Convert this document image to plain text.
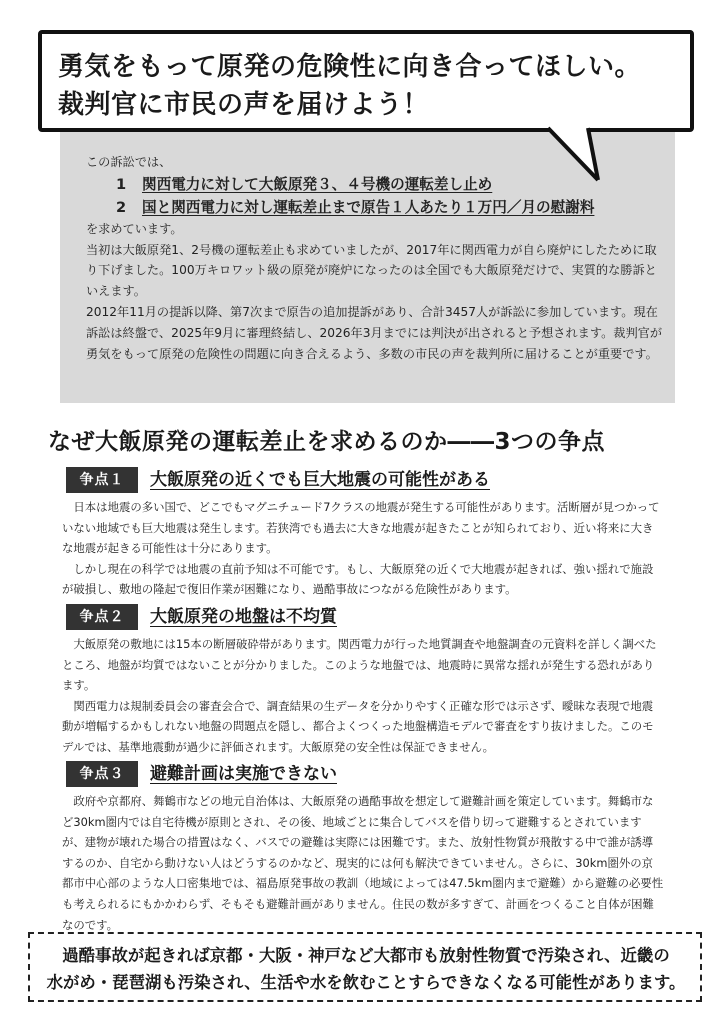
勇気をもって原発の危険性に向き合ってほしい。
裁判官に市民の声を届けよう！

この訴訟では、

1 関西電力に対して大飯原発３、４号機の運転差し止め

2 国と関西電力に対し運転差止まで原告１人あたり１万円／月の慰謝料

を求めています。

当初は大飯原発1、2号機の運転差止も求めていましたが、2017年に関西電力が自ら廃炉にしたために取り下げました。100万キロワット級の原発が廃炉になったのは全国でも大飯原発だけで、実質的な勝訴といえます。

2012年11月の提訴以降、第7次まで原告の追加提訴があり、合計3457人が訴訟に参加しています。現在訴訟は終盤で、2025年9月に審理終結し、2026年3月までには判決が出されると予想されます。裁判官が勇気をもって原発の危険性の問題に向き合えるよう、多数の市民の声を裁判所に届けることが重要です。

なぜ大飯原発の運転差止を求めるのか――3つの争点
争点１	大飯原発の近くでも巨大地震の可能性がある

日本は地震の多い国で、どこでもマグニチュード7クラスの地震が発生する可能性があります。活断層が見つかっていない地域でも巨大地震は発生します。若狭湾でも過去に大きな地震が起きたことが知られており、近い将来に大きな地震が起きる可能性は十分にあります。

しかし現在の科学では地震の直前予知は不可能です。もし、大飯原発の近くで大地震が起きれば、強い揺れで施設が破損し、敷地の隆起で復旧作業が困難になり、過酷事故につながる危険性があります。

争点２	大飯原発の地盤は不均質

大飯原発の敷地には15本の断層破砕帯があります。関西電力が行った地質調査や地盤調査の元資料を詳しく調べたところ、地盤が均質ではないことが分かりました。このような地盤では、地震時に異常な揺れが発生する恐れがあります。

関西電力は規制委員会の審査会合で、調査結果の生データを分かりやすく正確な形では示さず、曖昧な表現で地震動が増幅するかもしれない地盤の問題点を隠し、都合よくつくった地盤構造モデルで審査をすり抜けました。このモデルでは、基準地震動が過少に評価されます。大飯原発の安全性は保証できません。

争点３	避難計画は実施できない

政府や京都府、舞鶴市などの地元自治体は、大飯原発の過酷事故を想定して避難計画を策定しています。舞鶴市など30km圏内では自宅待機が原則とされ、その後、地域ごとに集合してバスを借り切って避難するとされていますが、建物が壊れた場合の措置はなく、バスでの避難は実際には困難です。また、放射性物質が飛散する中で誰が誘導するのか、自宅から動けない人はどうするのかなど、現実的には何も解決できていません。さらに、30km圏外の京都市中心部のような人口密集地では、福島原発事故の教訓（地域によっては47.5km圏内まで避難）から避難の必要性も考えられるにもかかわらず、そもそも避難計画がありません。住民の数が多すぎて、計画をつくること自体が困難なのです。

過酷事故が起きれば京都・大阪・神戸など大都市も放射性物質で汚染され、近畿の
水がめ・琵琶湖も汚染され、生活や水を飲むことすらできなくなる可能性があります。
